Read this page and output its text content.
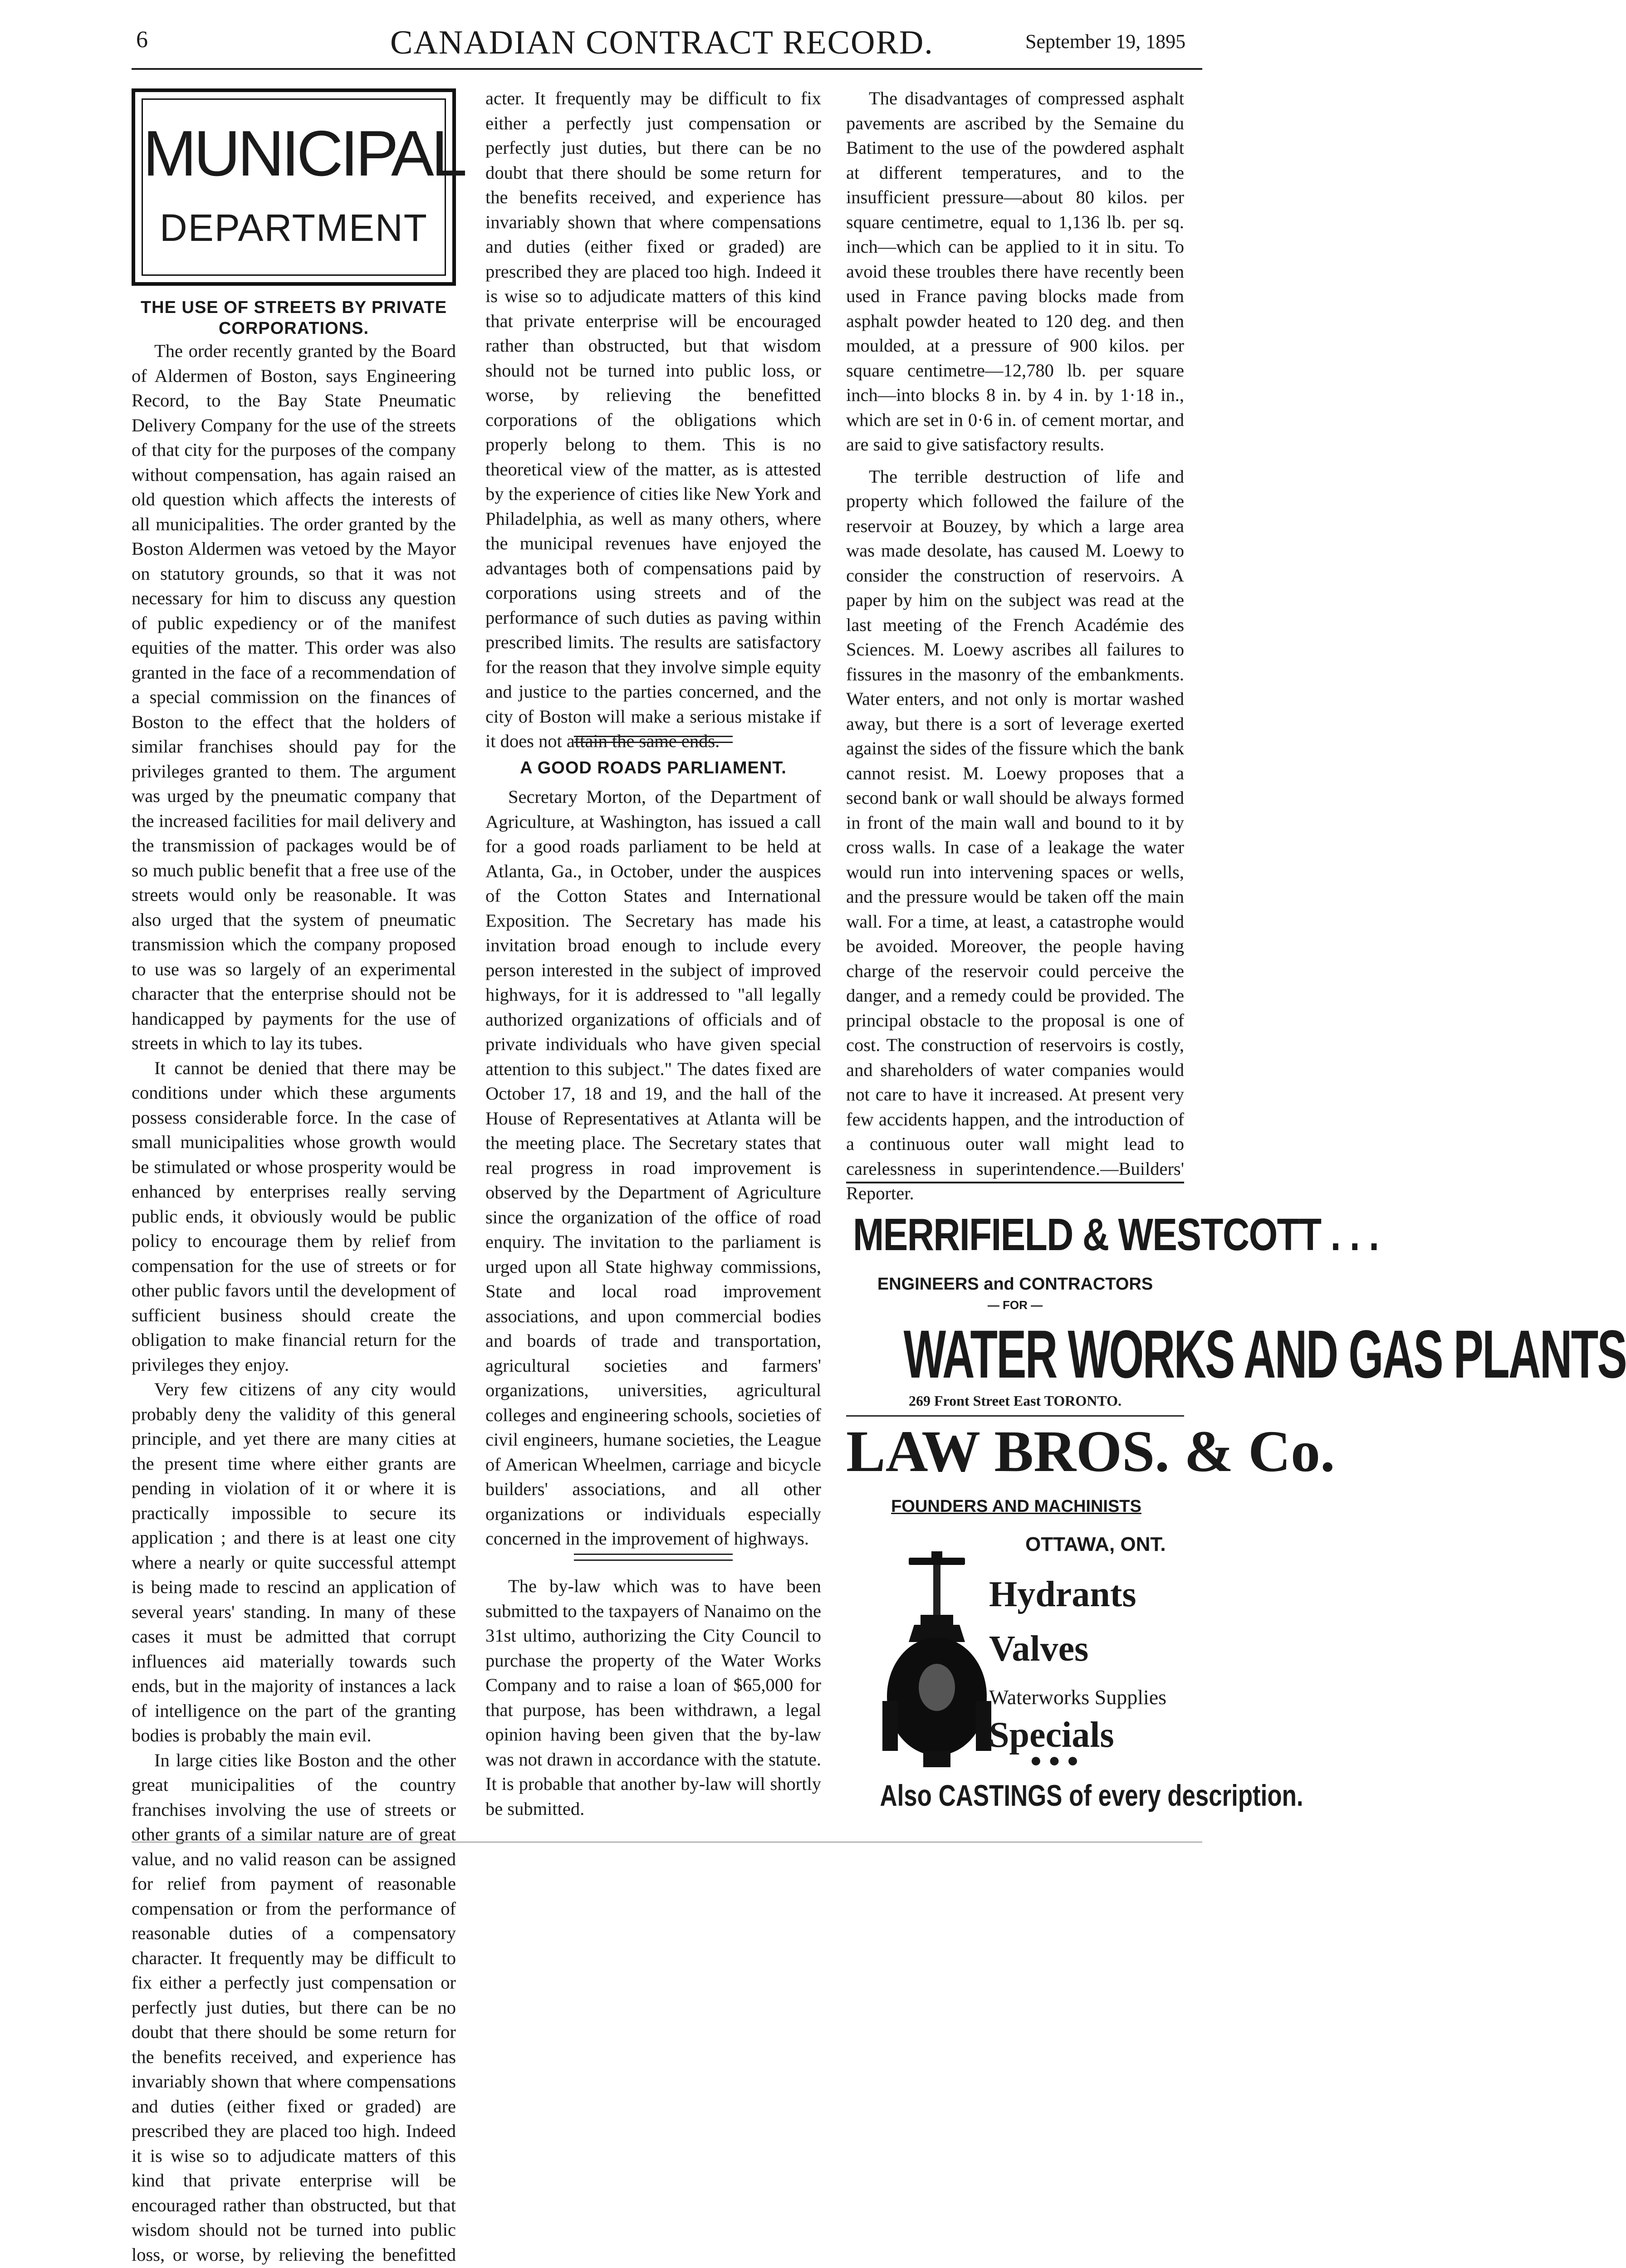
6	CANADIAN CONTRACT RECORD.	September 19, 1895
MUNICIPAL
DEPARTMENT

THE USE OF STREETS BY PRIVATE CORPORATIONS.

The order recently granted by the Board of Aldermen of Boston, says Engineering Record, to the Bay State Pneumatic Delivery Company for the use of the streets of that city for the purposes of the company without compensation, has again raised an old question which affects the interests of all municipalities. The order granted by the Boston Aldermen was vetoed by the Mayor on statutory grounds, so that it was not necessary for him to discuss any question of public expediency or of the manifest equities of the matter. This order was also granted in the face of a recommendation of a special commission on the finances of Boston to the effect that the holders of similar franchises should pay for the privileges granted to them. The argument was urged by the pneumatic company that the increased facilities for mail delivery and the transmission of packages would be of so much public benefit that a free use of the streets would only be reasonable. It was also urged that the system of pneumatic transmission which the company proposed to use was so largely of an experimental character that the enterprise should not be handicapped by payments for the use of streets in which to lay its tubes.

It cannot be denied that there may be conditions under which these arguments possess considerable force. In the case of small municipalities whose growth would be stimulated or whose prosperity would be enhanced by enterprises really serving public ends, it obviously would be public policy to encourage them by relief from compensation for the use of streets or for other public favors until the development of sufficient business should create the obligation to make financial return for the privileges they enjoy.

Very few citizens of any city would probably deny the validity of this general principle, and yet there are many cities at the present time where either grants are pending in violation of it or where it is practically impossible to secure its application ; and there is at least one city where a nearly or quite successful attempt is being made to rescind an application of several years' standing. In many of these cases it must be admitted that corrupt influences aid materially towards such ends, but in the majority of instances a lack of intelligence on the part of the granting bodies is probably the main evil.

In large cities like Boston and the other great municipalities of the country franchises involving the use of streets or other grants of a similar nature are of great value, and no valid reason can be assigned for relief from payment of reasonable compensation or from the performance of reasonable duties of a compensatory character. It frequently may be difficult to fix either a perfectly just compensation or perfectly just duties, but there can be no doubt that there should be some return for the benefits received, and experience has invariably shown that where compensations and duties (either fixed or graded) are prescribed they are placed too high. Indeed it is wise so to adjudicate matters of this kind that private enterprise will be encouraged rather than obstructed, but that wisdom should not be turned into public loss, or worse, by relieving the benefitted

acter. It frequently may be difficult to fix either a perfectly just compensation or perfectly just duties, but there can be no doubt that there should be some return for the benefits received, and experience has invariably shown that where compensations and duties (either fixed or graded) are prescribed they are placed too high. Indeed it is wise so to adjudicate matters of this kind that private enterprise will be encouraged rather than obstructed, but that wisdom should not be turned into public loss, or worse, by relieving the benefitted corporations of the obligations which properly belong to them. This is no theoretical view of the matter, as is attested by the experience of cities like New York and Philadelphia, as well as many others, where the municipal revenues have enjoyed the advantages both of compensations paid by corporations using streets and of the performance of such duties as paving within prescribed limits. The results are satisfactory for the reason that they involve simple equity and justice to the parties concerned, and the city of Boston will make a serious mistake if it does not attain the same ends.

A GOOD ROADS PARLIAMENT.

Secretary Morton, of the Department of Agriculture, at Washington, has issued a call for a good roads parliament to be held at Atlanta, Ga., in October, under the auspices of the Cotton States and International Exposition. The Secretary has made his invitation broad enough to include every person interested in the subject of improved highways, for it is addressed to "all legally authorized organizations of officials and of private individuals who have given special attention to this subject." The dates fixed are October 17, 18 and 19, and the hall of the House of Representatives at Atlanta will be the meeting place. The Secretary states that real progress in road improvement is observed by the Department of Agriculture since the organization of the office of road enquiry. The invitation to the parliament is urged upon all State highway commissions, State and local road improvement associations, and upon commercial bodies and boards of trade and transportation, agricultural societies and farmers' organizations, universities, agricultural colleges and engineering schools, societies of civil engineers, humane societies, the League of American Wheelmen, carriage and bicycle builders' associations, and all other organizations or individuals especially concerned in the improvement of highways.

The by-law which was to have been submitted to the taxpayers of Nanaimo on the 31st ultimo, authorizing the City Council to purchase the property of the Water Works Company and to raise a loan of $65,000 for that purpose, has been withdrawn, a legal opinion having been given that the by-law was not drawn in accordance with the statute. It is probable that another by-law will shortly be submitted.

The disadvantages of compressed asphalt pavements are ascribed by the Semaine du Batiment to the use of the powdered asphalt at different temperatures, and to the insufficient pressure—about 80 kilos. per square centimetre, equal to 1,136 lb. per sq. inch—which can be applied to it in situ. To avoid these troubles there have recently been used in France paving blocks made from asphalt powder heated to 120 deg. and then moulded, at a pressure of 900 kilos. per square centimetre—12,780 lb. per square inch—into blocks 8 in. by 4 in. by 1·18 in., which are set in 0·6 in. of cement mortar, and are said to give satisfactory results.

The terrible destruction of life and property which followed the failure of the reservoir at Bouzey, by which a large area was made desolate, has caused M. Loewy to consider the construction of reservoirs. A paper by him on the subject was read at the last meeting of the French Académie des Sciences. M. Loewy ascribes all failures to fissures in the masonry of the embankments. Water enters, and not only is mortar washed away, but there is a sort of leverage exerted against the sides of the fissure which the bank cannot resist. M. Loewy proposes that a second bank or wall should be always formed in front of the main wall and bound to it by cross walls. In case of a leakage the water would run into intervening spaces or wells, and the pressure would be taken off the main wall. For a time, at least, a catastrophe would be avoided. Moreover, the people having charge of the reservoir could perceive the danger, and a remedy could be provided. The principal obstacle to the proposal is one of cost. The construction of reservoirs is costly, and shareholders of water companies would not care to have it increased. At present very few accidents happen, and the introduction of a continuous outer wall might lead to carelessness in superintendence.—Builders' Reporter.

MERRIFIELD & WESTCOTT . . .
ENGINEERS and CONTRACTORS
— FOR —
WATER WORKS AND GAS PLANTS
269 Front Street East TORONTO.
LAW BROS. & Co.
FOUNDERS AND MACHINISTS
OTTAWA, ONT.
Hydrants
Valves
Waterworks Supplies
Specials
●●●
Also CASTINGS of every description.
